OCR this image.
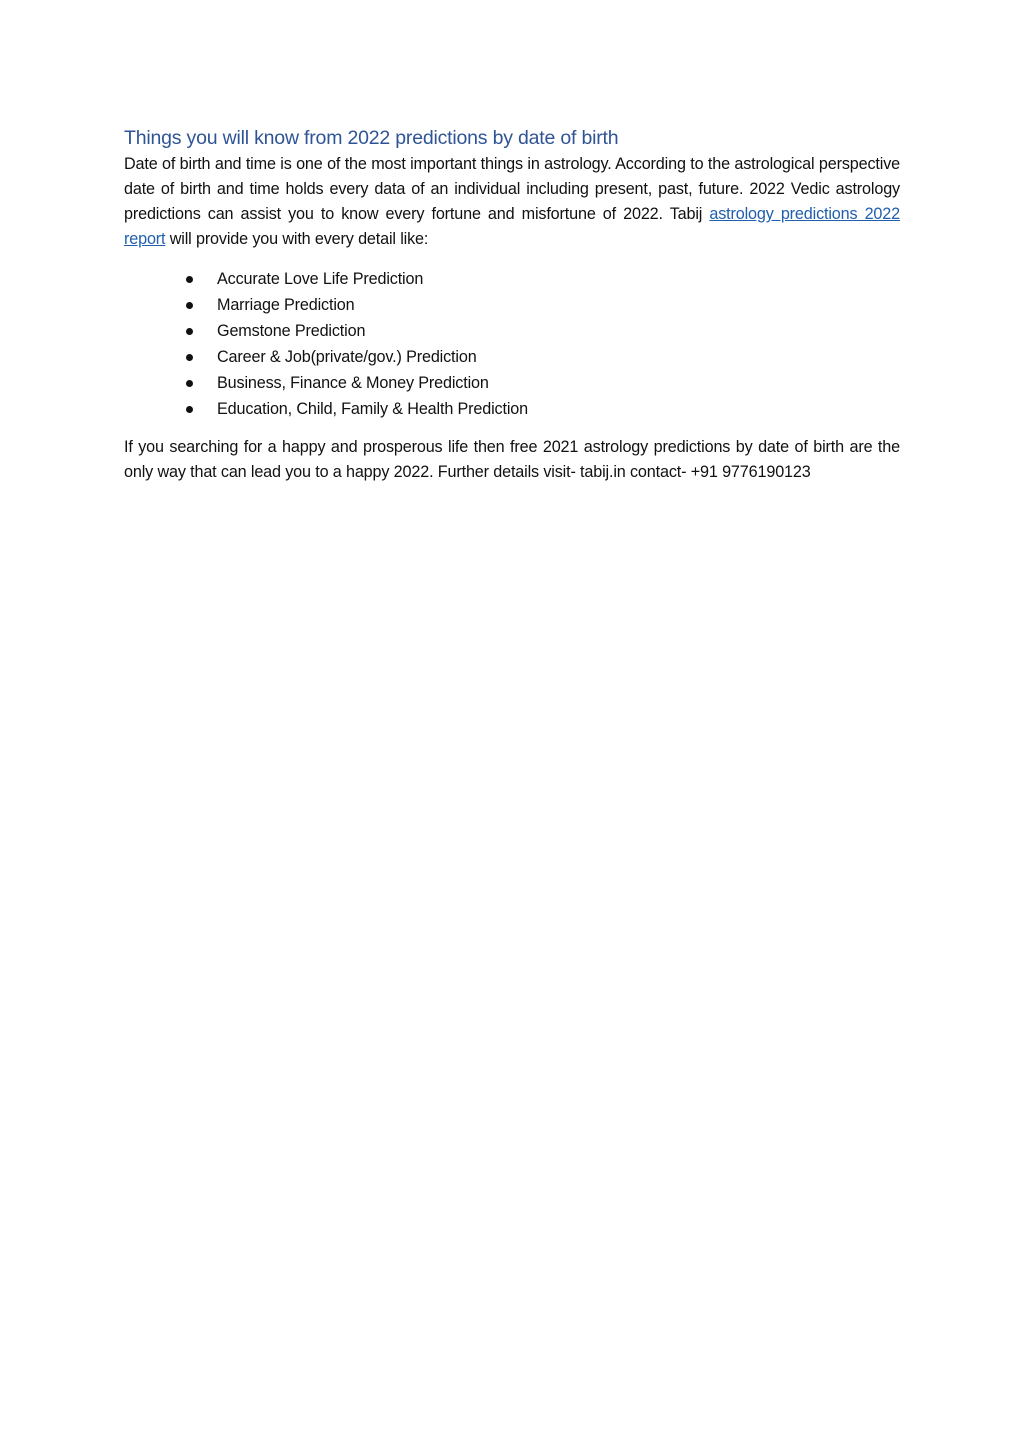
Things you will know from 2022 predictions by date of birth

Date of birth and time is one of the most important things in astrology. According to the astrological perspective date of birth and time holds every data of an individual including present, past, future. 2022 Vedic astrology predictions can assist you to know every fortune and misfortune of 2022. Tabij astrology predictions 2022 report will provide you with every detail like:

Accurate Love Life Prediction
Marriage Prediction
Gemstone Prediction
Career & Job(private/gov.) Prediction
Business, Finance & Money Prediction
Education, Child, Family & Health Prediction

If you searching for a happy and prosperous life then free 2021 astrology predictions by date of birth are the only way that can lead you to a happy 2022. Further details visit- tabij.in contact- +91 9776190123
